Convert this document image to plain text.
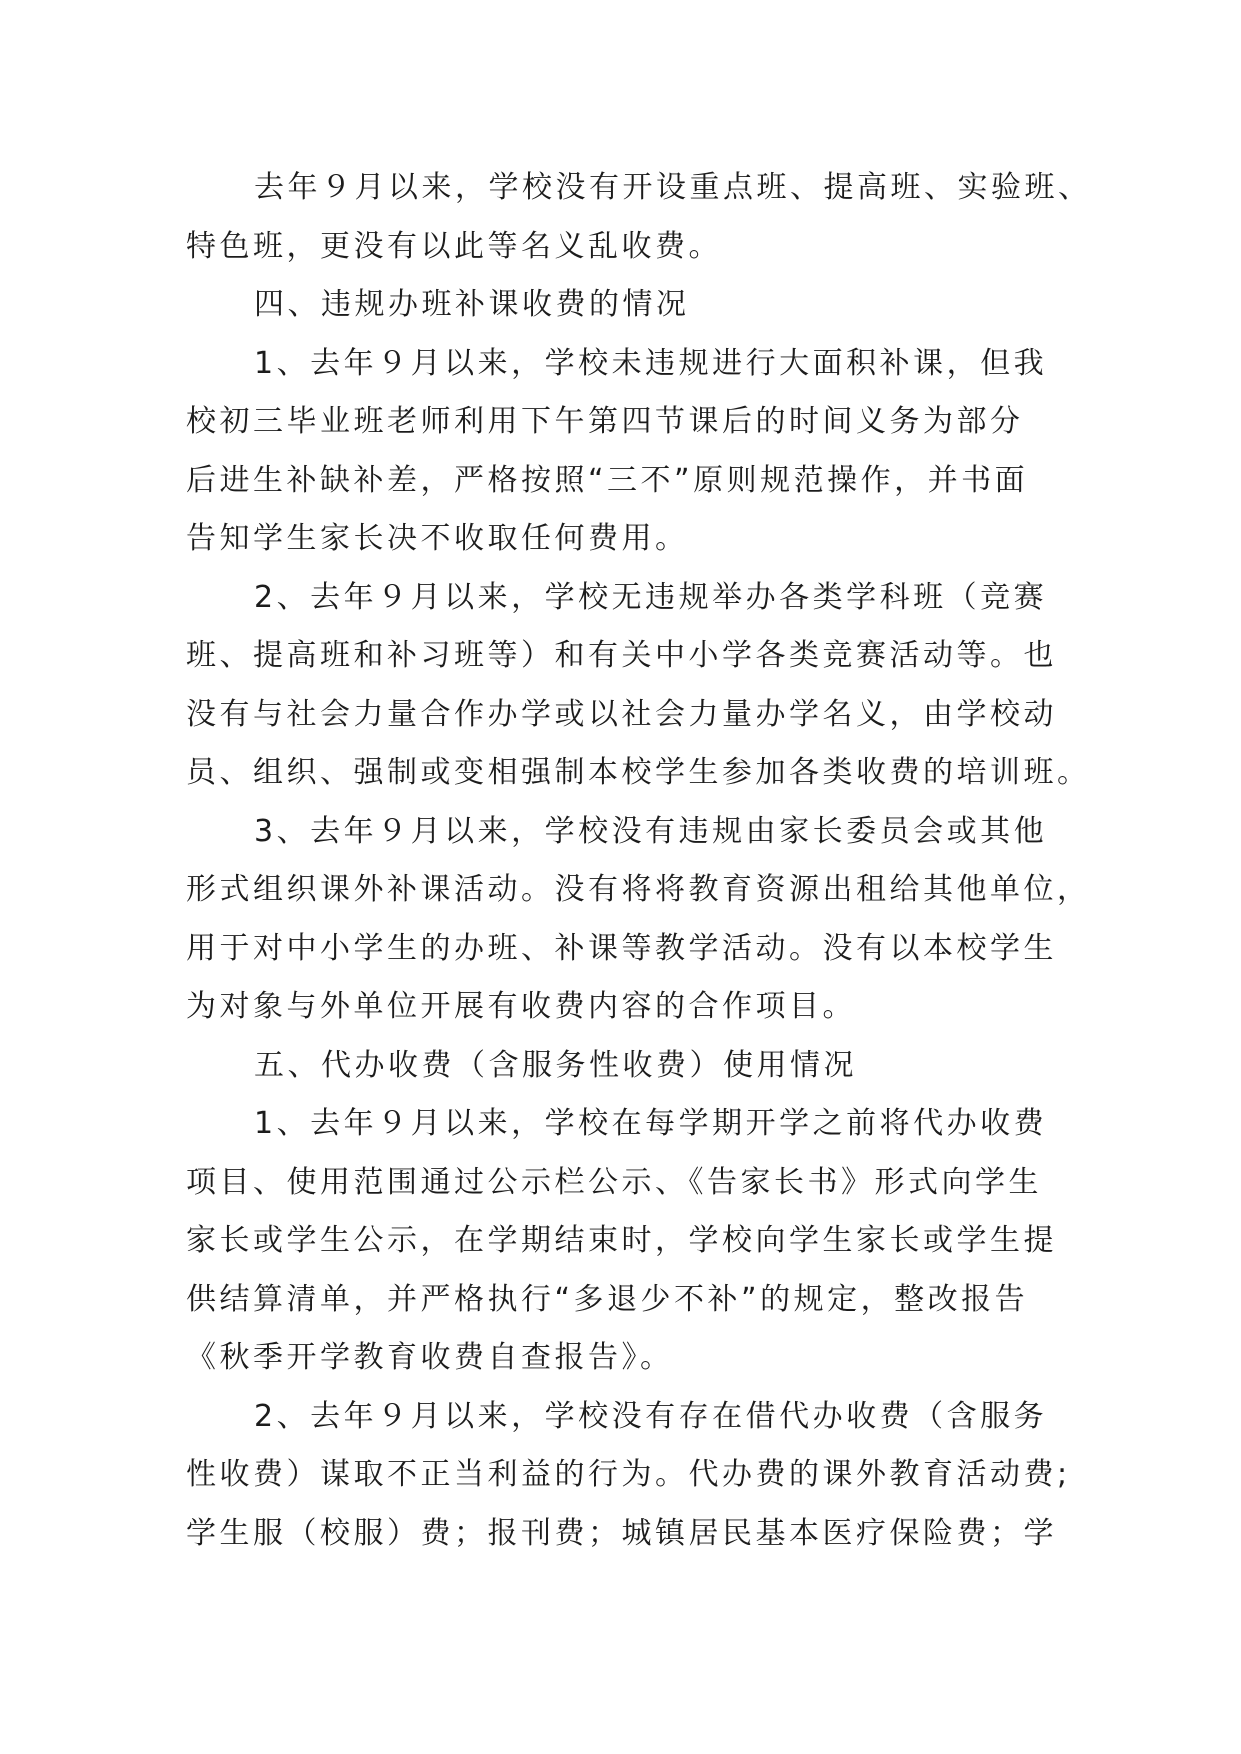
去年９月以来，学校没有开设重点班、提高班、实验班、
特色班，更没有以此等名义乱收费。
四、违规办班补课收费的情况
1、去年９月以来，学校未违规进行大面积补课，但我
校初三毕业班老师利用下午第四节课后的时间义务为部分
后进生补缺补差，严格按照“三不”原则规范操作，并书面
告知学生家长决不收取任何费用。
2、去年９月以来，学校无违规举办各类学科班（竞赛
班、提高班和补习班等）和有关中小学各类竞赛活动等。也
没有与社会力量合作办学或以社会力量办学名义，由学校动
员、组织、强制或变相强制本校学生参加各类收费的培训班。
3、去年９月以来，学校没有违规由家长委员会或其他
形式组织课外补课活动。没有将将教育资源出租给其他单位，
用于对中小学生的办班、补课等教学活动。没有以本校学生
为对象与外单位开展有收费内容的合作项目。
五、代办收费（含服务性收费）使用情况
1、去年９月以来，学校在每学期开学之前将代办收费
项目、使用范围通过公示栏公示、《告家长书》形式向学生
家长或学生公示，在学期结束时，学校向学生家长或学生提
供结算清单，并严格执行“多退少不补”的规定，整改报告
《秋季开学教育收费自查报告》。
2、去年９月以来，学校没有存在借代办收费（含服务
性收费）谋取不正当利益的行为。代办费的课外教育活动费;
学生服（校服）费；报刊费；城镇居民基本医疗保险费；学
